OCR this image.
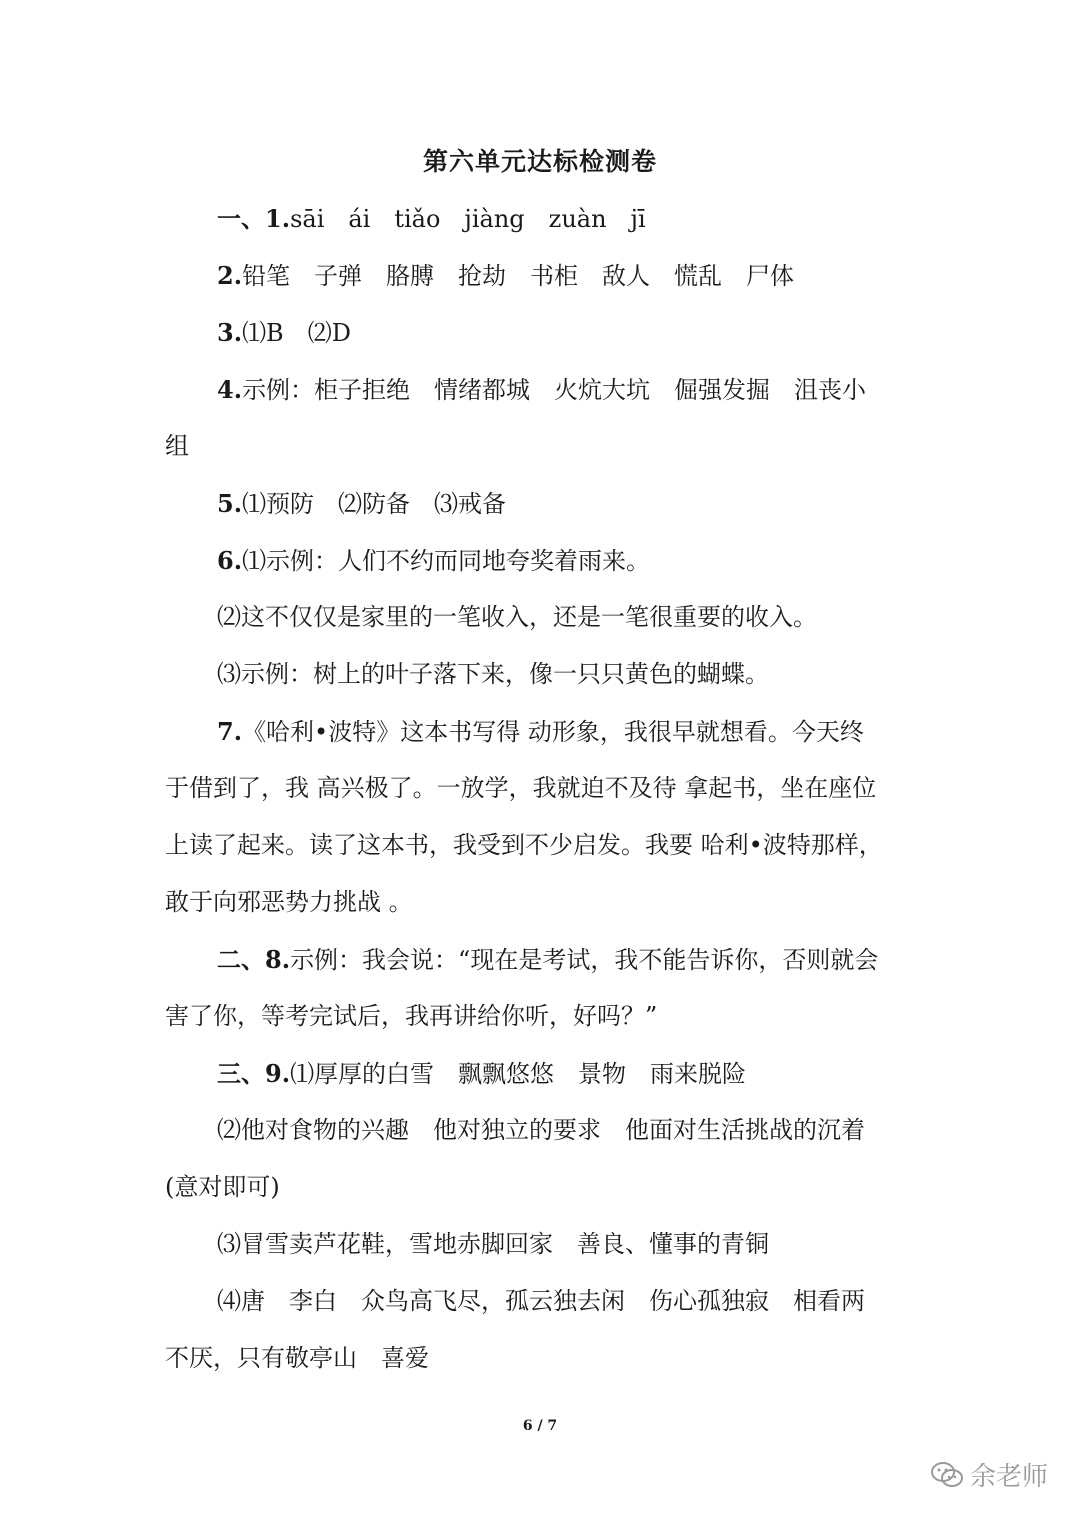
第六单元达标检测卷
一、1.sāi　ái　tiǎo　jiàng　zuàn　jī
2.铅笔　子弹　胳膊　抢劫　书柜　敌人　慌乱　尸体
3.⑴B　⑵D
4.示例：柜子拒绝　情绪都城　火炕大坑　倔强发掘　沮丧小
组
5.⑴预防　⑵防备　⑶戒备
6.⑴示例：人们不约而同地夸奖着雨来。
⑵这不仅仅是家里的一笔收入，还是一笔很重要的收入。
⑶示例：树上的叶子落下来，像一只只黄色的蝴蝶。
7.《哈利•波特》这本书写得 动形象，我很早就想看。今天终
于借到了，我 高兴极了。一放学，我就迫不及待 拿起书，坐在座位
上读了起来。读了这本书，我受到不少启发。我要 哈利•波特那样，
敢于向邪恶势力挑战 。
二、8.示例：我会说：“现在是考试，我不能告诉你，否则就会
害了你，等考完试后，我再讲给你听，好吗？”
三、9.⑴厚厚的白雪　飘飘悠悠　景物　雨来脱险
⑵他对食物的兴趣　他对独立的要求　他面对生活挑战的沉着
(意对即可)
⑶冒雪卖芦花鞋，雪地赤脚回家　善良、懂事的青铜
⑷唐　李白　众鸟高飞尽，孤云独去闲　伤心孤独寂　相看两
不厌，只有敬亭山　喜爱
6 / 7
余老师
